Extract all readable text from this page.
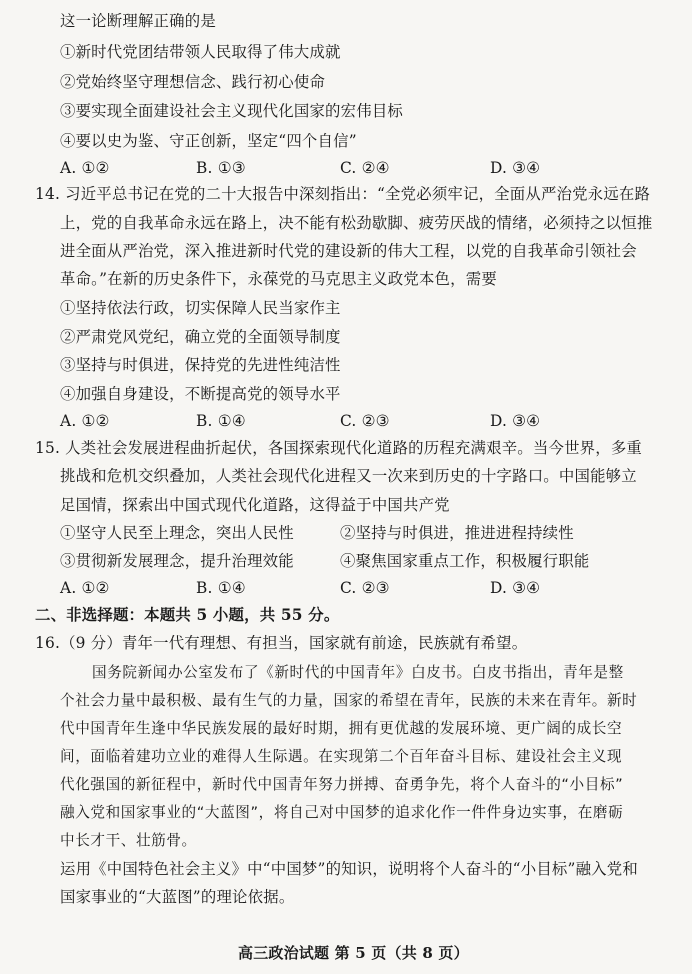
这一论断理解正确的是
①新时代党团结带领人民取得了伟大成就
②党始终坚守理想信念、践行初心使命
③要实现全面建设社会主义现代化国家的宏伟目标
④要以史为鉴、守正创新，坚定“四个自信”
A. ①②	B. ①③	C. ②④	D. ③④
14. 习近平总书记在党的二十大报告中深刻指出：“全党必须牢记，全面从严治党永远在路
上，党的自我革命永远在路上，决不能有松劲歇脚、疲劳厌战的情绪，必须持之以恒推
进全面从严治党，深入推进新时代党的建设新的伟大工程，以党的自我革命引领社会
革命。”在新的历史条件下，永葆党的马克思主义政党本色，需要
①坚持依法行政，切实保障人民当家作主
②严肃党风党纪，确立党的全面领导制度
③坚持与时俱进，保持党的先进性纯洁性
④加强自身建设，不断提高党的领导水平
A. ①②	B. ①④	C. ②③	D. ③④
15. 人类社会发展进程曲折起伏，各国探索现代化道路的历程充满艰辛。当今世界，多重
挑战和危机交织叠加，人类社会现代化进程又一次来到历史的十字路口。中国能够立
足国情，探索出中国式现代化道路，这得益于中国共产党
①坚守人民至上理念，突出人民性	②坚持与时俱进，推进进程持续性
③贯彻新发展理念，提升治理效能	④聚焦国家重点工作，积极履行职能
A. ①②	B. ①④	C. ②③	D. ③④
二、非选择题：本题共 5 小题，共 55 分。
16.（9 分）青年一代有理想、有担当，国家就有前途，民族就有希望。
国务院新闻办公室发布了《新时代的中国青年》白皮书。白皮书指出，青年是整
个社会力量中最积极、最有生气的力量，国家的希望在青年，民族的未来在青年。新时
代中国青年生逢中华民族发展的最好时期，拥有更优越的发展环境、更广阔的成长空
间，面临着建功立业的难得人生际遇。在实现第二个百年奋斗目标、建设社会主义现
代化强国的新征程中，新时代中国青年努力拼搏、奋勇争先，将个人奋斗的“小目标”
融入党和国家事业的“大蓝图”，将自己对中国梦的追求化作一件件身边实事，在磨砺
中长才干、壮筋骨。
运用《中国特色社会主义》中“中国梦”的知识，说明将个人奋斗的“小目标”融入党和
国家事业的“大蓝图”的理论依据。
高三政治试题 第 5 页（共 8 页）
